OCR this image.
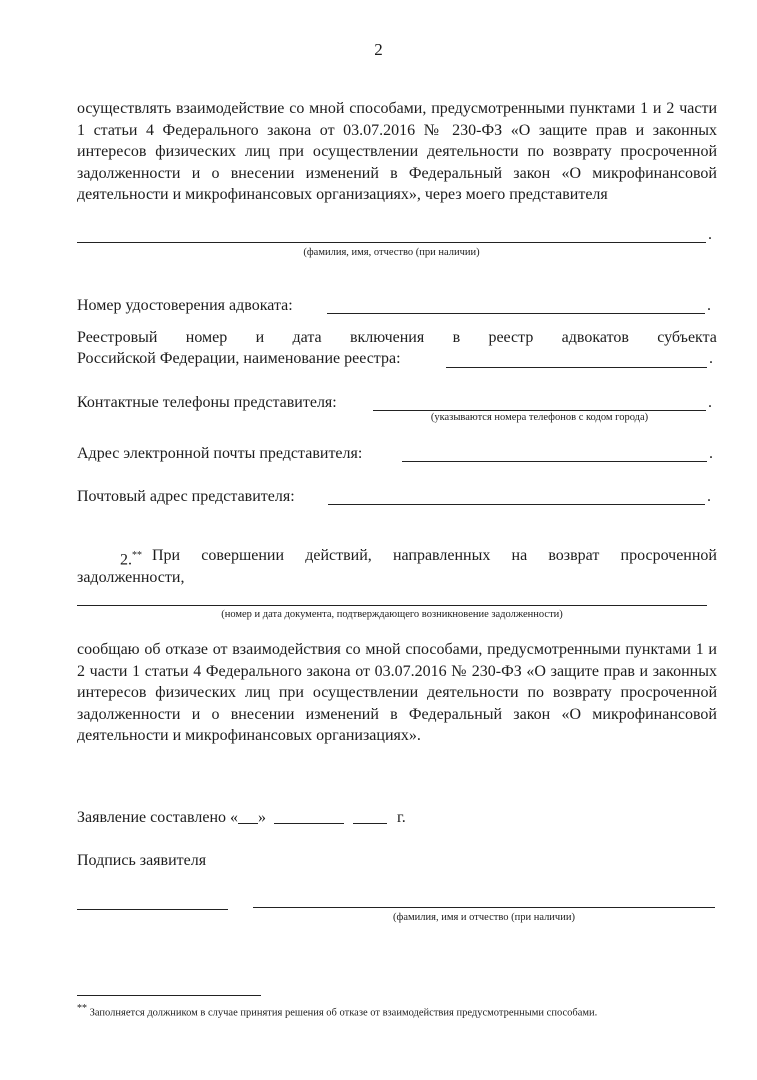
2
осуществлять взаимодействие со мной способами, предусмотренными пунктами 1 и 2 части 1 статьи 4 Федерального закона от 03.07.2016 № 230-ФЗ «О защите прав и законных интересов физических лиц при осуществлении деятельности по возврату просроченной задолженности и о внесении изменений в Федеральный закон «О микрофинансовой деятельности и микрофинансовых организациях», через моего представителя
.
(фамилия, имя, отчество (при наличии)
Номер удостоверения адвоката:	.
Реестровый номер и дата включения в реестр адвокатов субъекта
Российской Федерации, наименование реестра:	.
Контактные телефоны представителя:	.
(указываются номера телефонов с кодом города)
Адрес электронной почты представителя:	.
Почтовый адрес представителя:	.
2.** При совершении действий, направленных на возврат просроченной задолженности,
(номер и дата документа, подтверждающего возникновение задолженности)
сообщаю об отказе от взаимодействия со мной способами, предусмотренными пунктами 1 и 2 части 1 статьи 4 Федерального закона от 03.07.2016 № 230-ФЗ «О защите прав и законных интересов физических лиц при осуществлении деятельности по возврату просроченной задолженности и о внесении изменений в Федеральный закон «О микрофинансовой деятельности и микрофинансовых организациях».
Заявление составлено « »	г.
Подпись заявителя
(фамилия, имя и отчество (при наличии)
** Заполняется должником в случае принятия решения об отказе от взаимодействия предусмотренными способами.
